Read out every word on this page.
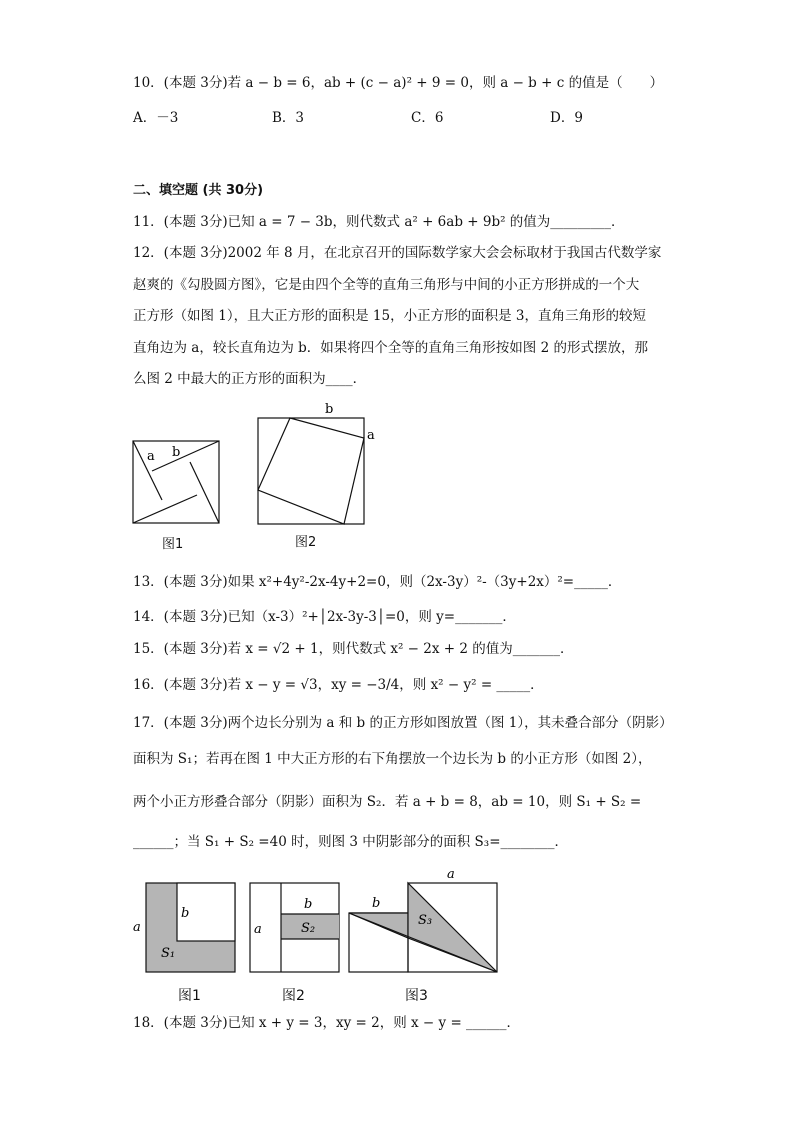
10．(本题 3分)若 a − b = 6，ab + (c − a)² + 9 = 0，则 a − b + c 的值是（　　）
A．－3	B．3	C．6	D．9
二、填空题 (共 30分)
11．(本题 3分)已知 a = 7 − 3b，则代数式 a² + 6ab + 9b² 的值为_________．
12．(本题 3分)2002 年 8 月，在北京召开的国际数学家大会会标取材于我国古代数学家
赵爽的《勾股圆方图》，它是由四个全等的直角三角形与中间的小正方形拼成的一个大
正方形（如图 1），且大正方形的面积是 15，小正方形的面积是 3，直角三角形的较短
直角边为 a，较长直角边为 b．如果将四个全等的直角三角形按如图 2 的形式摆放，那
么图 2 中最大的正方形的面积为____．
a b
图1
b
a
图2
13．(本题 3分)如果 x²+4y²-2x-4y+2=0，则（2x-3y）²-（3y+2x）²=_____．
14．(本题 3分)已知（x-3）²+│2x-3y-3│=0，则 y=_______．
15．(本题 3分)若 x = √2 + 1，则代数式 x² − 2x + 2 的值为_______．
16．(本题 3分)若 x − y = √3，xy = −3/4，则 x² − y² = _____．
17．(本题 3分)两个边长分别为 a 和 b 的正方形如图放置（图 1），其未叠合部分（阴影）
面积为 S₁；若再在图 1 中大正方形的右下角摆放一个边长为 b 的小正方形（如图 2），
两个小正方形叠合部分（阴影）面积为 S₂．若 a + b = 8，ab = 10，则 S₁ + S₂ =
______；当 S₁ + S₂ =40 时，则图 3 中阴影部分的面积 S₃=________．
a
b
S₁
a
b
S₂
a
b
S₃
图1	图2	图3
18．(本题 3分)已知 x + y = 3，xy = 2，则 x − y = ______．
